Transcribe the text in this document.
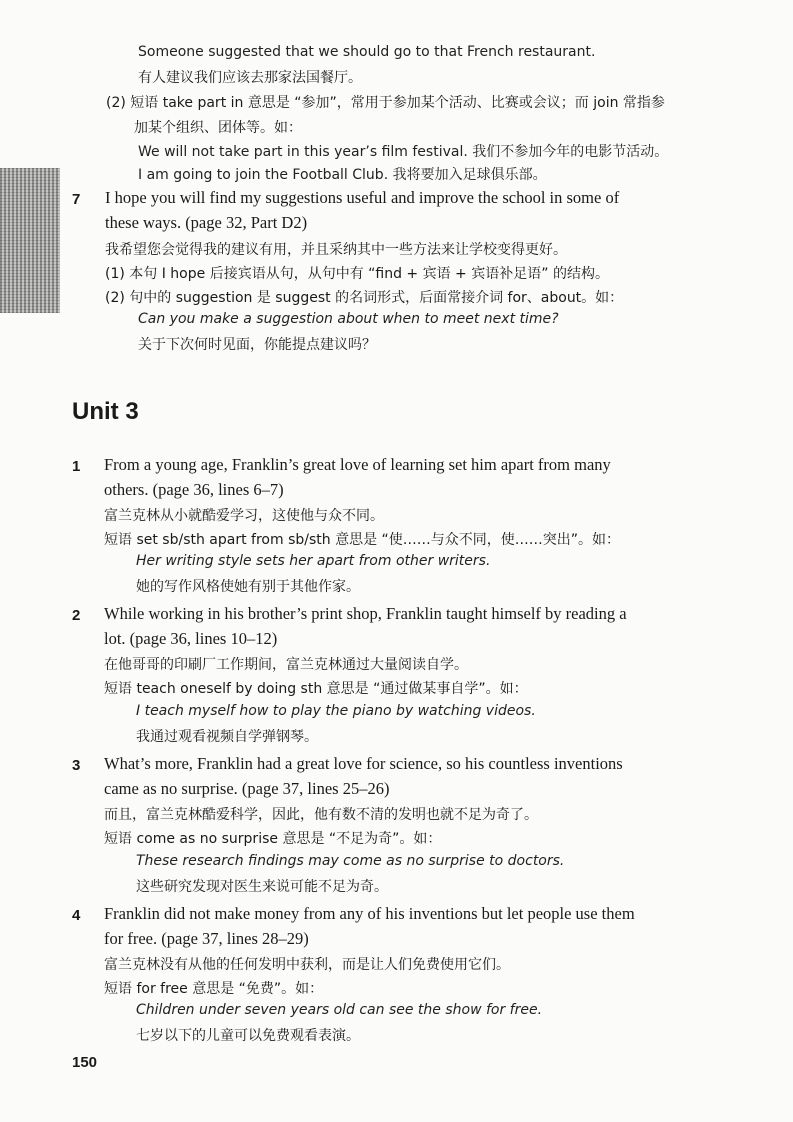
Someone suggested that we should go to that French restaurant.
有人建议我们应该去那家法国餐厅。
(2) 短语 take part in 意思是 “参加”，常用于参加某个活动、比赛或会议；而 join 常指参
加某个组织、团体等。如：
We will not take part in this year’s film festival. 我们不参加今年的电影节活动。
I am going to join the Football Club. 我将要加入足球俱乐部。
7 I hope you will find my suggestions useful and improve the school in some of
these ways. (page 32, Part D2)
我希望您会觉得我的建议有用，并且采纳其中一些方法来让学校变得更好。
(1) 本句 I hope 后接宾语从句，从句中有 “find + 宾语 + 宾语补足语” 的结构。
(2) 句中的 suggestion 是 suggest 的名词形式，后面常接介词 for、about。如：
Can you make a suggestion about when to meet next time?
关于下次何时见面，你能提点建议吗？
Unit 3
1 From a young age, Franklin’s great love of learning set him apart from many
others. (page 36, lines 6–7)
富兰克林从小就酷爱学习，这使他与众不同。
短语 set sb/sth apart from sb/sth 意思是 “使……与众不同，使……突出”。如：
Her writing style sets her apart from other writers.
她的写作风格使她有别于其他作家。
2 While working in his brother’s print shop, Franklin taught himself by reading a
lot. (page 36, lines 10–12)
在他哥哥的印刷厂工作期间，富兰克林通过大量阅读自学。
短语 teach oneself by doing sth 意思是 “通过做某事自学”。如：
I teach myself how to play the piano by watching videos.
我通过观看视频自学弹钢琴。
3 What’s more, Franklin had a great love for science, so his countless inventions
came as no surprise. (page 37, lines 25–26)
而且，富兰克林酷爱科学，因此，他有数不清的发明也就不足为奇了。
短语 come as no surprise 意思是 “不足为奇”。如：
These research findings may come as no surprise to doctors.
这些研究发现对医生来说可能不足为奇。
4 Franklin did not make money from any of his inventions but let people use them
for free. (page 37, lines 28–29)
富兰克林没有从他的任何发明中获利，而是让人们免费使用它们。
短语 for free 意思是 “免费”。如：
Children under seven years old can see the show for free.
七岁以下的儿童可以免费观看表演。
150
